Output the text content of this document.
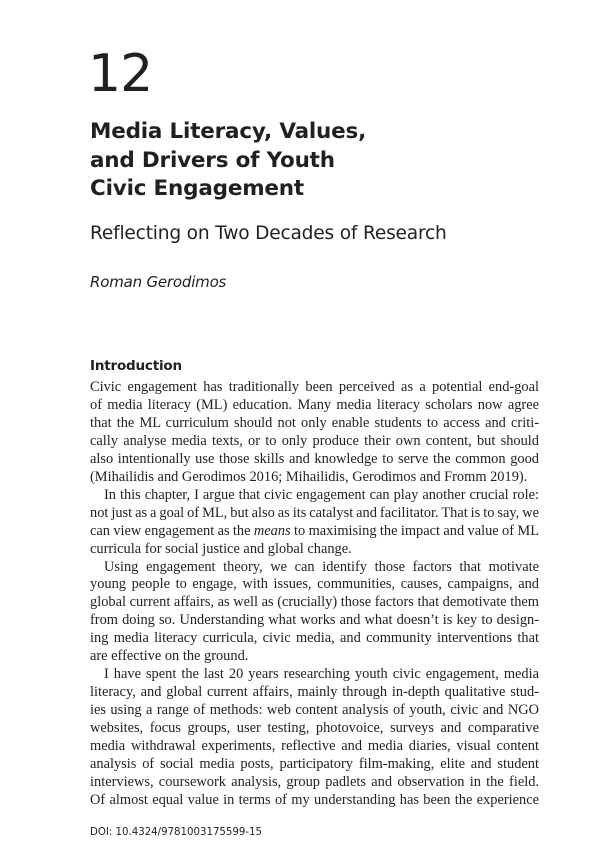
12
Media Literacy, Values,
and Drivers of Youth
Civic Engagement
Reflecting on Two Decades of Research
Roman Gerodimos
Introduction
Civic engagement has traditionally been perceived as a potential end-goal
of media literacy (ML) education. Many media literacy scholars now agree
that the ML curriculum should not only enable students to access and criti-
cally analyse media texts, or to only produce their own content, but should
also intentionally use those skills and knowledge to serve the common good
(Mihailidis and Gerodimos 2016; Mihailidis, Gerodimos and Fromm 2019).
In this chapter, I argue that civic engagement can play another crucial role:
not just as a goal of ML, but also as its catalyst and facilitator. That is to say, we
can view engagement as the means to maximising the impact and value of ML
curricula for social justice and global change.
Using engagement theory, we can identify those factors that motivate
young people to engage, with issues, communities, causes, campaigns, and
global current affairs, as well as (crucially) those factors that demotivate them
from doing so. Understanding what works and what doesn’t is key to design-
ing media literacy curricula, civic media, and community interventions that
are effective on the ground.
I have spent the last 20 years researching youth civic engagement, media
literacy, and global current affairs, mainly through in-depth qualitative stud-
ies using a range of methods: web content analysis of youth, civic and NGO
websites, focus groups, user testing, photovoice, surveys and comparative
media withdrawal experiments, reflective and media diaries, visual content
analysis of social media posts, participatory film-making, elite and student
interviews, coursework analysis, group padlets and observation in the field.
Of almost equal value in terms of my understanding has been the experience
DOI: 10.4324/9781003175599-15
